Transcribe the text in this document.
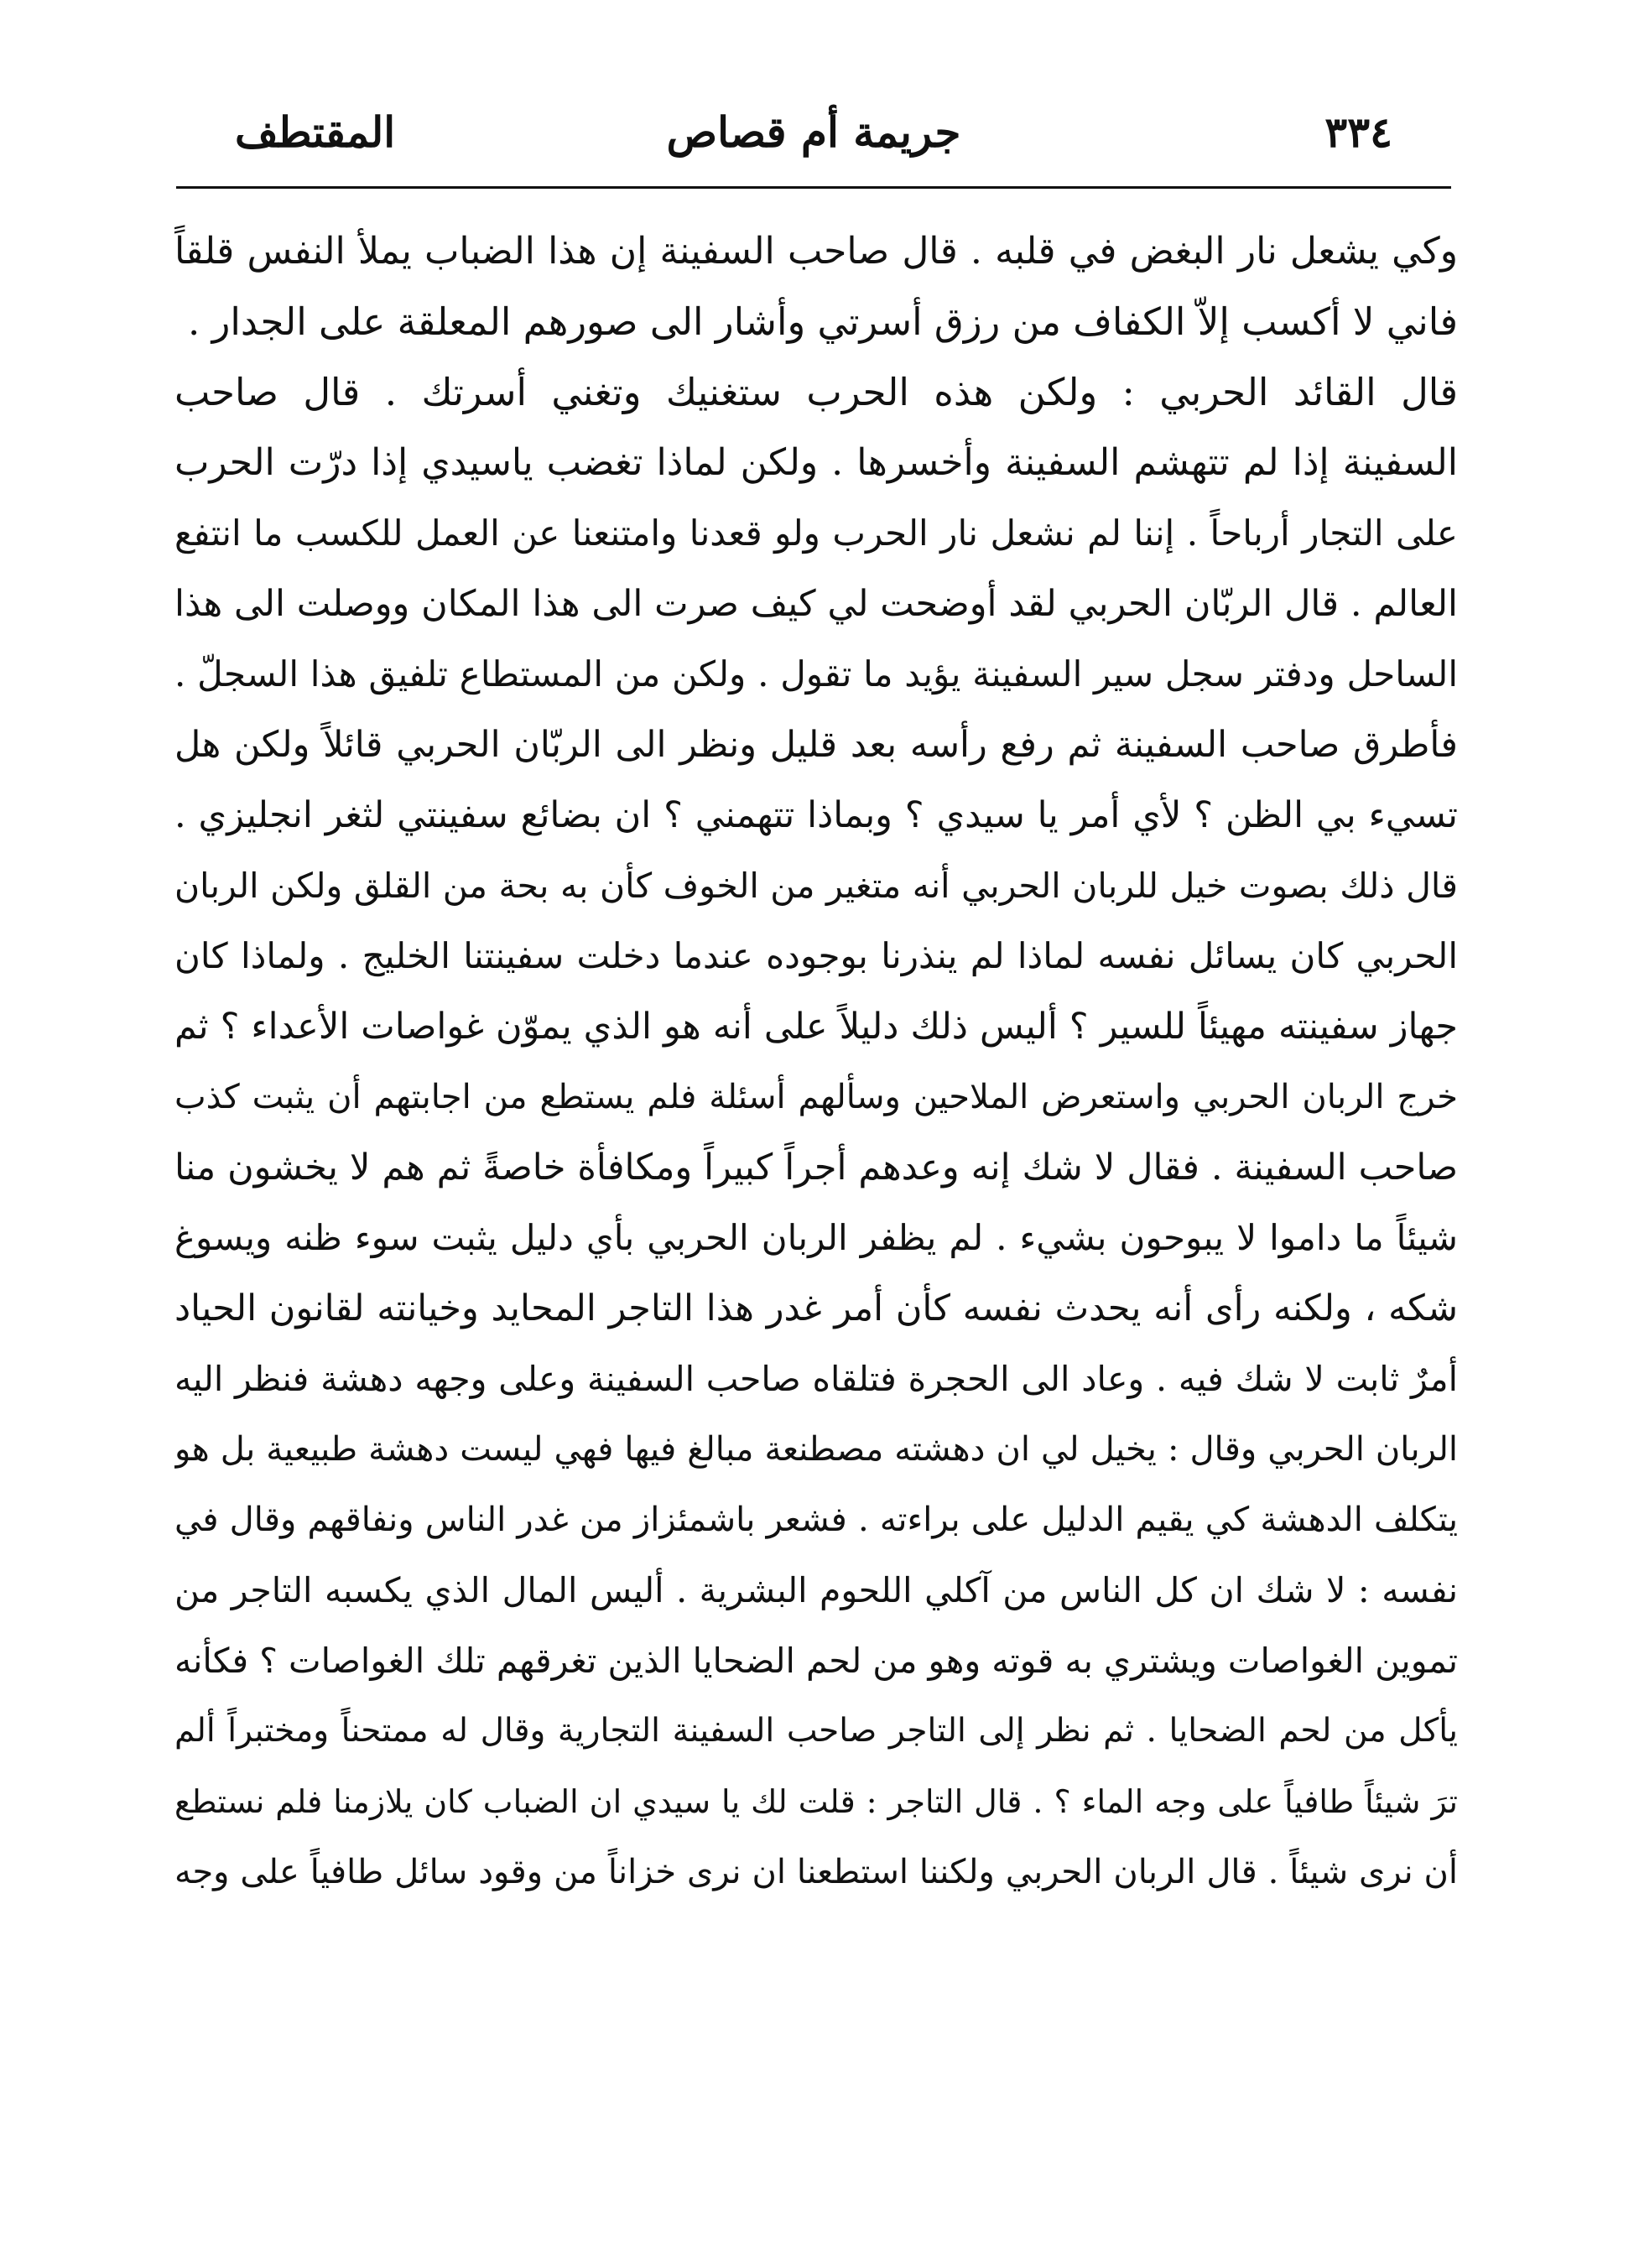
المقتطف	جريمة أم قصاص	٣٣٤
وكي يشعل نار البغض في قلبه . قال صاحب السفينة إن هذا الضباب يملأ النفس قلقاً
فاني لا أكسب إلاّ الكفاف من رزق أسرتي وأشار الى صورهم المعلقة على الجدار .
قال القائد الحربي : ولكن هذه الحرب ستغنيك وتغني أسرتك . قال صاحب
السفينة إذا لم تتهشم السفينة وأخسرها . ولكن لماذا تغضب ياسيدي إذا درّت الحرب
على التجار أرباحاً . إننا لم نشعل نار الحرب ولو قعدنا وامتنعنا عن العمل للكسب ما انتفع
العالم . قال الربّان الحربي لقد أوضحت لي كيف صرت الى هذا المكان ووصلت الى هذا
الساحل ودفتر سجل سير السفينة يؤيد ما تقول . ولكن من المستطاع تلفيق هذا السجلّ .
فأطرق صاحب السفينة ثم رفع رأسه بعد قليل ونظر الى الربّان الحربي قائلاً ولكن هل
تسيء بي الظن ؟ لأي أمر يا سيدي ؟ وبماذا تتهمني ؟ ان بضائع سفينتي لثغر انجليزي .
قال ذلك بصوت خيل للربان الحربي أنه متغير من الخوف كأن به بحة من القلق ولكن الربان
الحربي كان يسائل نفسه لماذا لم ينذرنا بوجوده عندما دخلت سفينتنا الخليج . ولماذا كان
جهاز سفينته مهيئاً للسير ؟ أليس ذلك دليلاً على أنه هو الذي يموّن غواصات الأعداء ؟ ثم
خرج الربان الحربي واستعرض الملاحين وسألهم أسئلة فلم يستطع من اجابتهم أن يثبت كذب
صاحب السفينة . فقال لا شك إنه وعدهم أجراً كبيراً ومكافأة خاصةً ثم هم لا يخشون منا
شيئاً ما داموا لا يبوحون بشيء . لم يظفر الربان الحربي بأي دليل يثبت سوء ظنه ويسوغ
شكه ، ولكنه رأى أنه يحدث نفسه كأن أمر غدر هذا التاجر المحايد وخيانته لقانون الحياد
أمرٌ ثابت لا شك فيه . وعاد الى الحجرة فتلقاه صاحب السفينة وعلى وجهه دهشة فنظر اليه
الربان الحربي وقال : يخيل لي ان دهشته مصطنعة مبالغ فيها فهي ليست دهشة طبيعية بل هو
يتكلف الدهشة كي يقيم الدليل على براءته . فشعر باشمئزاز من غدر الناس ونفاقهم وقال في
نفسه : لا شك ان كل الناس من آكلي اللحوم البشرية . أليس المال الذي يكسبه التاجر من
تموين الغواصات ويشتري به قوته وهو من لحم الضحايا الذين تغرقهم تلك الغواصات ؟ فكأنه
يأكل من لحم الضحايا . ثم نظر إلى التاجر صاحب السفينة التجارية وقال له ممتحناً ومختبراً ألم
ترَ شيئاً طافياً على وجه الماء ؟ . قال التاجر : قلت لك يا سيدي ان الضباب كان يلازمنا فلم نستطع
أن نرى شيئاً . قال الربان الحربي ولكننا استطعنا ان نرى خزاناً من وقود سائل طافياً على وجه
